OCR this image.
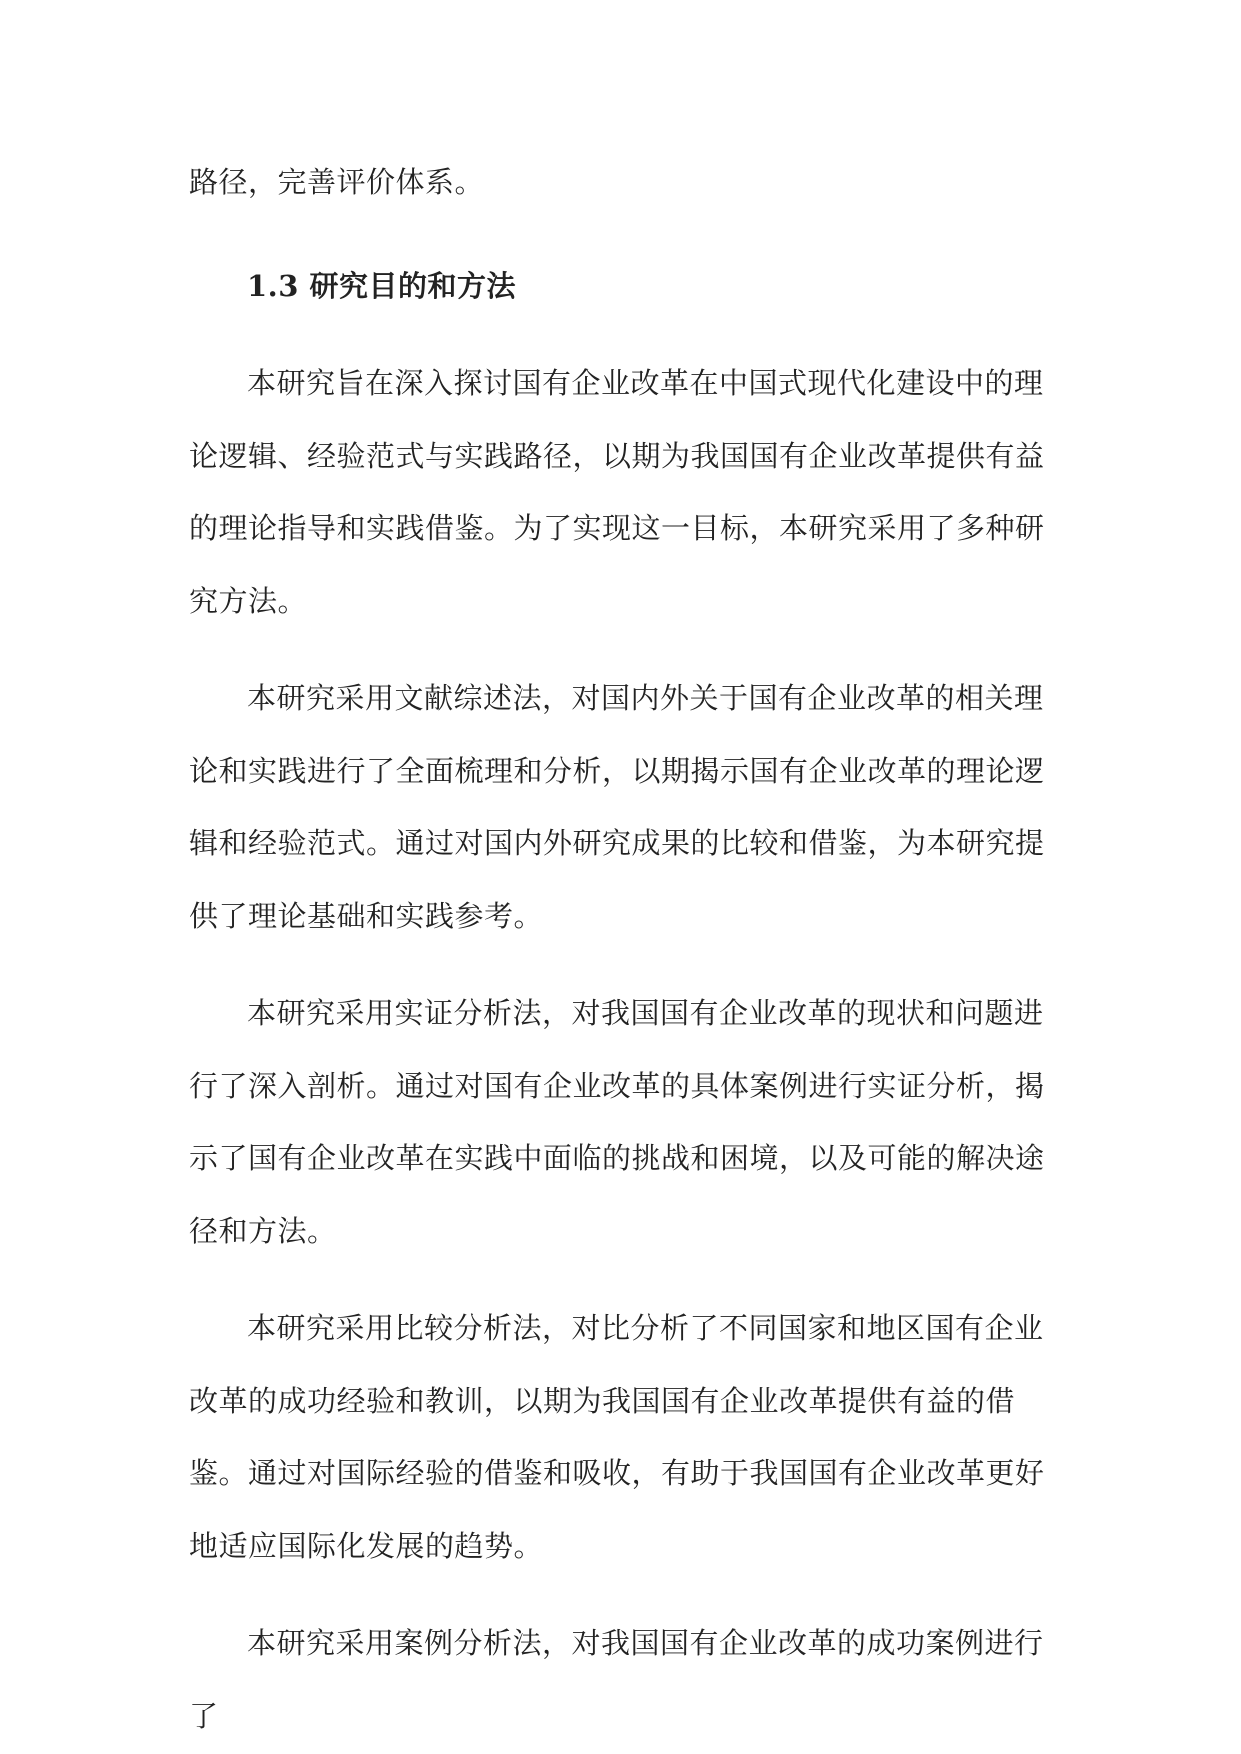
路径，完善评价体系。

1.3 研究目的和方法

本研究旨在深入探讨国有企业改革在中国式现代化建设中的理论逻辑、经验范式与实践路径，以期为我国国有企业改革提供有益的理论指导和实践借鉴。为了实现这一目标，本研究采用了多种研究方法。

本研究采用文献综述法，对国内外关于国有企业改革的相关理论和实践进行了全面梳理和分析，以期揭示国有企业改革的理论逻辑和经验范式。通过对国内外研究成果的比较和借鉴，为本研究提供了理论基础和实践参考。

本研究采用实证分析法，对我国国有企业改革的现状和问题进行了深入剖析。通过对国有企业改革的具体案例进行实证分析，揭示了国有企业改革在实践中面临的挑战和困境，以及可能的解决途径和方法。

本研究采用比较分析法，对比分析了不同国家和地区国有企业改革的成功经验和教训，以期为我国国有企业改革提供有益的借鉴。通过对国际经验的借鉴和吸收，有助于我国国有企业改革更好地适应国际化发展的趋势。

本研究采用案例分析法，对我国国有企业改革的成功案例进行了
